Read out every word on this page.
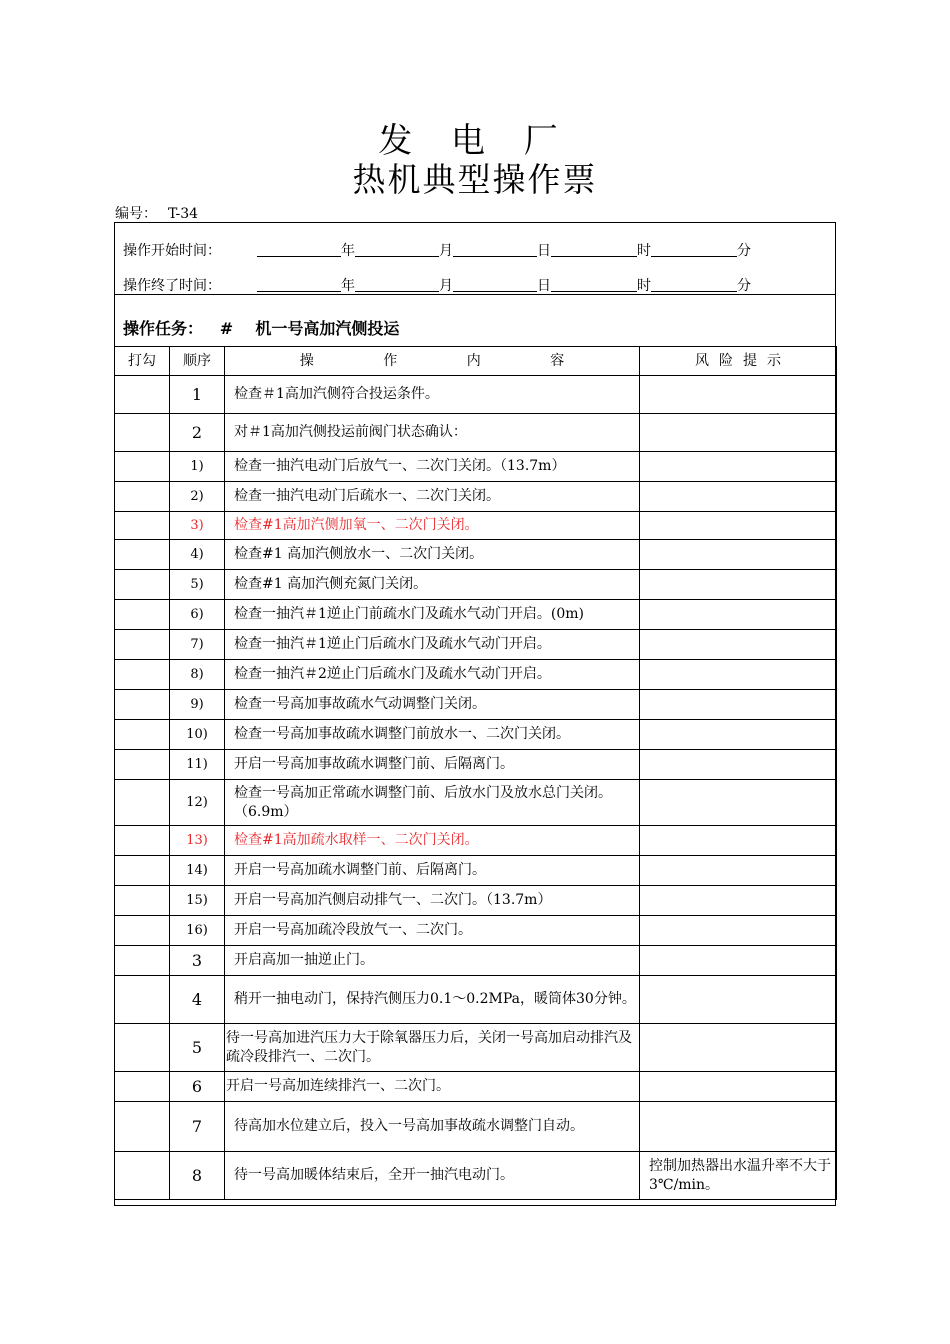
发 电 厂
热机典型操作票
编号： T-34
操作开始时间：	年	月	日	时	分
操作终了时间：	年	月	日	时	分
操作任务： # 机一号高加汽侧投运
打勾	顺序	操 作 内 容	风 险 提 示

	1	检查＃1高加汽侧符合投运条件。	
	2	对＃1高加汽侧投运前阀门状态确认：	
	1)	检查一抽汽电动门后放气一、二次门关闭。（13.7m）	
	2)	检查一抽汽电动门后疏水一、二次门关闭。	
	3)	检查#1高加汽侧加氧一、二次门关闭。	
	4)	检查#1 高加汽侧放水一、二次门关闭。	
	5)	检查#1 高加汽侧充氮门关闭。	
	6)	检查一抽汽＃1逆止门前疏水门及疏水气动门开启。(0m)	
	7)	检查一抽汽＃1逆止门后疏水门及疏水气动门开启。	
	8)	检查一抽汽＃2逆止门后疏水门及疏水气动门开启。	
	9)	检查一号高加事故疏水气动调整门关闭。	
	10)	检查一号高加事故疏水调整门前放水一、二次门关闭。	
	11)	开启一号高加事故疏水调整门前、后隔离门。	
	12)	检查一号高加正常疏水调整门前、后放水门及放水总门关闭。（6.9m）	
	13)	检查#1高加疏水取样一、二次门关闭。	
	14)	开启一号高加疏水调整门前、后隔离门。	
	15)	开启一号高加汽侧启动排气一、二次门。（13.7m）	
	16)	开启一号高加疏冷段放气一、二次门。	
	3	开启高加一抽逆止门。	
	4	稍开一抽电动门，保持汽侧压力0.1～0.2MPa，暖筒体30分钟。	
	5	待一号高加进汽压力大于除氧器压力后，关闭一号高加启动排汽及疏冷段排汽一、二次门。	
	6	开启一号高加连续排汽一、二次门。	
	7	待高加水位建立后，投入一号高加事故疏水调整门自动。	
	8	待一号高加暖体结束后，全开一抽汽电动门。	控制加热器出水温升率不大于3℃/min。
